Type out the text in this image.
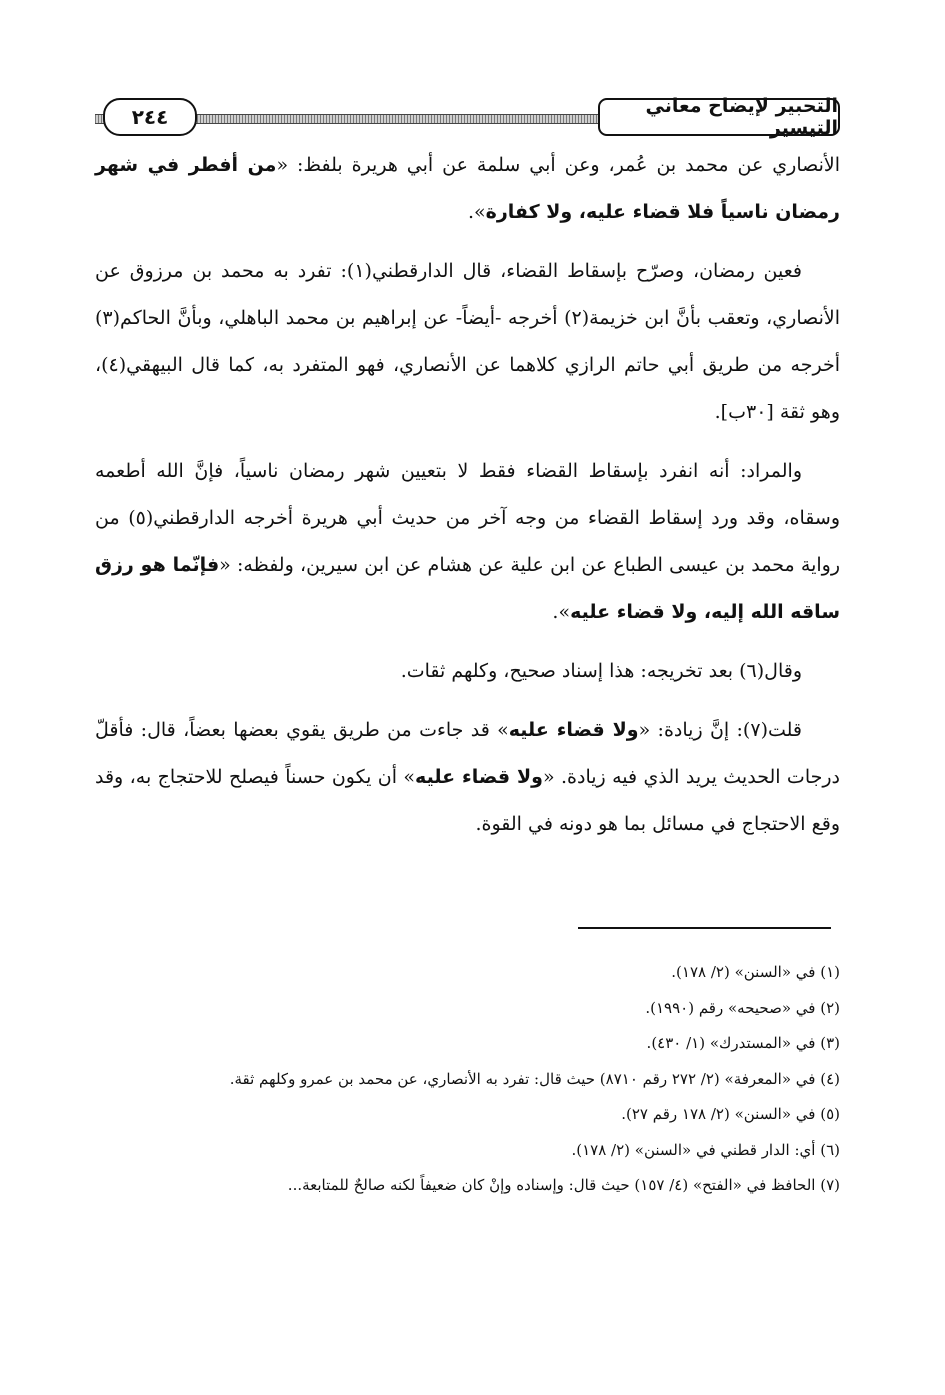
التحبير لإيضاح معاني التيسير
٢٤٤

الأنصاري عن محمد بن عُمر، وعن أبي سلمة عن أبي هريرة بلفظ: «من أفطر في شهر رمضان ناسياً فلا قضاء عليه، ولا كفارة».

فعين رمضان، وصرّح بإسقاط القضاء، قال الدارقطني(١): تفرد به محمد بن مرزوق عن الأنصاري، وتعقب بأنَّ ابن خزيمة(٢) أخرجه -أيضاً- عن إبراهيم بن محمد الباهلي، وبأنَّ الحاكم(٣) أخرجه من طريق أبي حاتم الرازي كلاهما عن الأنصاري، فهو المتفرد به، كما قال البيهقي(٤)، وهو ثقة [٣٠ب].

والمراد: أنه انفرد بإسقاط القضاء فقط لا بتعيين شهر رمضان ناسياً، فإنَّ الله أطعمه وسقاه، وقد ورد إسقاط القضاء من وجه آخر من حديث أبي هريرة أخرجه الدارقطني(٥) من رواية محمد بن عيسى الطباع عن ابن علية عن هشام عن ابن سيرين، ولفظه: «فإنّما هو رزق ساقه الله إليه، ولا قضاء عليه».

وقال(٦) بعد تخريجه: هذا إسناد صحيح، وكلهم ثقات.

قلت(٧): إنَّ زيادة: «ولا قضاء عليه» قد جاءت من طريق يقوي بعضها بعضاً، قال: فأقلّ درجات الحديث يريد الذي فيه زيادة. «ولا قضاء عليه» أن يكون حسناً فيصلح للاحتجاج به، وقد وقع الاحتجاج في مسائل بما هو دونه في القوة.

(١) في «السنن» (٢/ ١٧٨).
(٢) في «صحيحه» رقم (١٩٩٠).
(٣) في «المستدرك» (١/ ٤٣٠).
(٤) في «المعرفة» (٢/ ٢٧٢ رقم ٨٧١٠) حيث قال: تفرد به الأنصاري، عن محمد بن عمرو وكلهم ثقة.
(٥) في «السنن» (٢/ ١٧٨ رقم ٢٧).
(٦) أي: الدار قطني في «السنن» (٢/ ١٧٨).
(٧) الحافظ في «الفتح» (٤/ ١٥٧) حيث قال: وإسناده وإنْ كان ضعيفاً لكنه صالحٌ للمتابعة...
